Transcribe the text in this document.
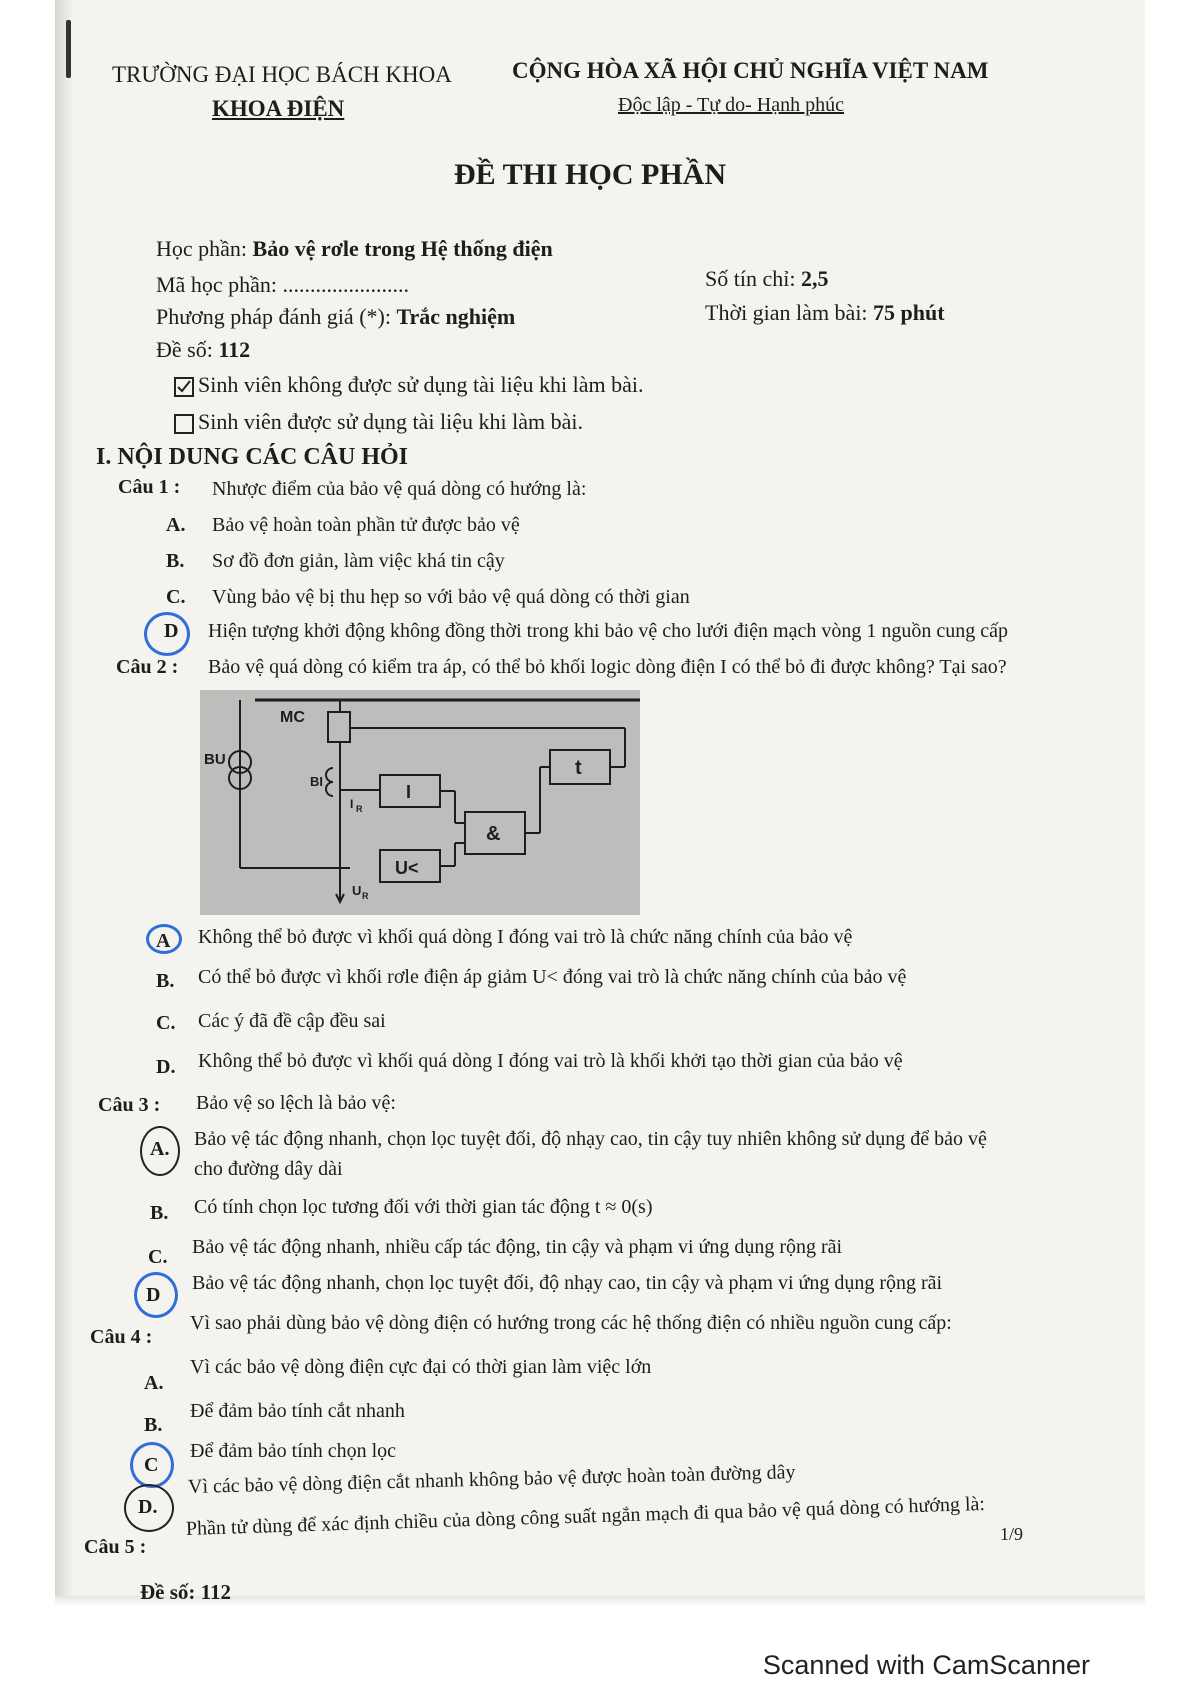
TRƯỜNG ĐẠI HỌC BÁCH KHOA
KHOA ĐIỆN
CỘNG HÒA XÃ HỘI CHỦ NGHĨA VIỆT NAM
Độc lập - Tự do- Hạnh phúc
ĐỀ THI HỌC PHẦN
Học phần: Bảo vệ rơle trong Hệ thống điện
Mã học phần: .......................	Số tín chỉ: 2,5
Phương pháp đánh giá (*): Trắc nghiệm	Thời gian làm bài: 75 phút
Đề số: 112
Sinh viên không được sử dụng tài liệu khi làm bài.
Sinh viên được sử dụng tài liệu khi làm bài.
I. NỘI DUNG CÁC CÂU HỎI
Câu 1 : Nhược điểm của bảo vệ quá dòng có hướng là:
A. Bảo vệ hoàn toàn phần tử được bảo vệ
B. Sơ đồ đơn giản, làm việc khá tin cậy
C. Vùng bảo vệ bị thu hẹp so với bảo vệ quá dòng có thời gian
D Hiện tượng khởi động không đồng thời trong khi bảo vệ cho lưới điện mạch vòng 1 nguồn cung cấp
Câu 2 : Bảo vệ quá dòng có kiểm tra áp, có thể bỏ khối logic dòng điện I có thể bỏ đi được không? Tại sao?
MC
BU
BI
I
t
&
U<
I R
U R
A Không thể bỏ được vì khối quá dòng I đóng vai trò là chức năng chính của bảo vệ
B. Có thể bỏ được vì khối rơle điện áp giảm U< đóng vai trò là chức năng chính của bảo vệ
C. Các ý đã đề cập đều sai
D. Không thể bỏ được vì khối quá dòng I đóng vai trò là khối khởi tạo thời gian của bảo vệ
Câu 3 : Bảo vệ so lệch là bảo vệ:
A. Bảo vệ tác động nhanh, chọn lọc tuyệt đối, độ nhạy cao, tin cậy tuy nhiên không sử dụng để bảo vệ
cho đường dây dài
B. Có tính chọn lọc tương đối với thời gian tác động t ≈ 0(s)
C. Bảo vệ tác động nhanh, nhiều cấp tác động, tin cậy và phạm vi ứng dụng rộng rãi
D
Bảo vệ tác động nhanh, chọn lọc tuyệt đối, độ nhạy cao, tin cậy và phạm vi ứng dụng rộng rãi
Câu 4 :
Vì sao phải dùng bảo vệ dòng điện có hướng trong các hệ thống điện có nhiều nguồn cung cấp:
A.
Vì các bảo vệ dòng điện cực đại có thời gian làm việc lớn
B.
Để đảm bảo tính cắt nhanh
C
Để đảm bảo tính chọn lọc
D.
Vì các bảo vệ dòng điện cắt nhanh không bảo vệ được hoàn toàn đường dây
Câu 5 :
Phần tử dùng để xác định chiều của dòng công suất ngắn mạch đi qua bảo vệ quá dòng có hướng là: 1/9
Đề số: 112
Scanned with CamScanner
